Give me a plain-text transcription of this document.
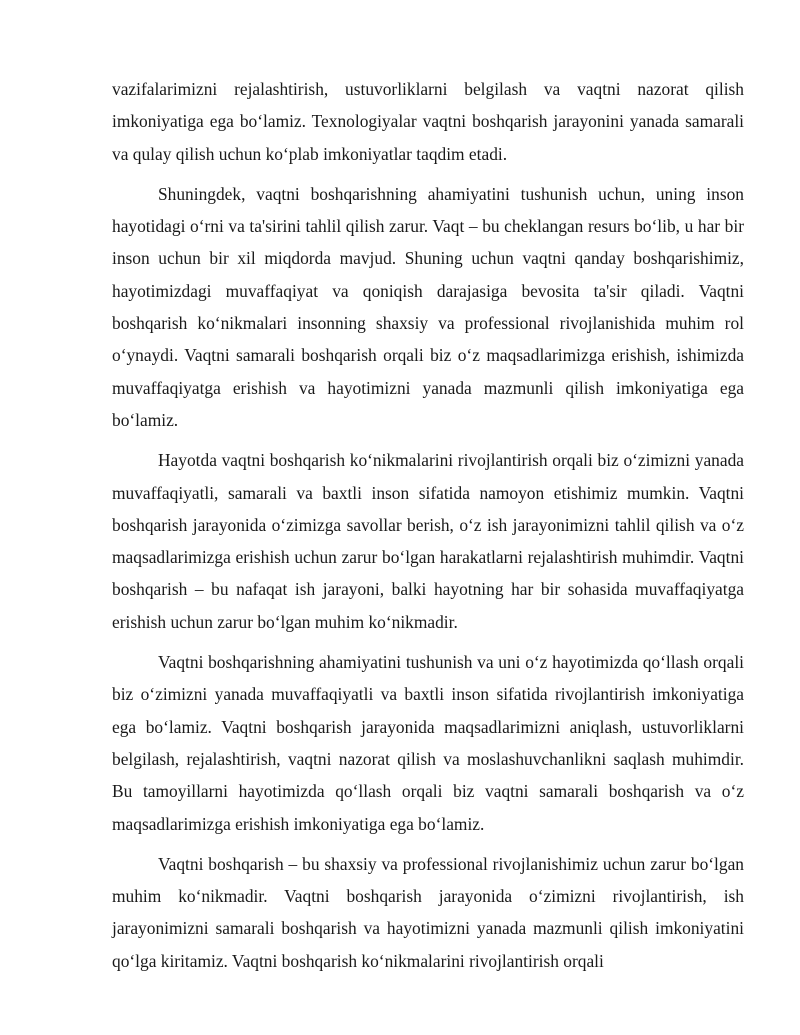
vazifalarimizni rejalashtirish, ustuvorliklarni belgilash va vaqtni nazorat qilish imkoniyatiga ega bo‘lamiz. Texnologiyalar vaqtni boshqarish jarayonini yanada samarali va qulay qilish uchun ko‘plab imkoniyatlar taqdim etadi.

Shuningdek, vaqtni boshqarishning ahamiyatini tushunish uchun, uning inson hayotidagi o‘rni va ta'sirini tahlil qilish zarur. Vaqt – bu cheklangan resurs bo‘lib, u har bir inson uchun bir xil miqdorda mavjud. Shuning uchun vaqtni qanday boshqarishimiz, hayotimizdagi muvaffaqiyat va qoniqish darajasiga bevosita ta'sir qiladi. Vaqtni boshqarish ko‘nikmalari insonning shaxsiy va professional rivojlanishida muhim rol o‘ynaydi. Vaqtni samarali boshqarish orqali biz o‘z maqsadlarimizga erishish, ishimizda muvaffaqiyatga erishish va hayotimizni yanada mazmunli qilish imkoniyatiga ega bo‘lamiz.

Hayotda vaqtni boshqarish ko‘nikmalarini rivojlantirish orqali biz o‘zimizni yanada muvaffaqiyatli, samarali va baxtli inson sifatida namoyon etishimiz mumkin. Vaqtni boshqarish jarayonida o‘zimizga savollar berish, o‘z ish jarayonimizni tahlil qilish va o‘z maqsadlarimizga erishish uchun zarur bo‘lgan harakatlarni rejalashtirish muhimdir. Vaqtni boshqarish – bu nafaqat ish jarayoni, balki hayotning har bir sohasida muvaffaqiyatga erishish uchun zarur bo‘lgan muhim ko‘nikmadir.

Vaqtni boshqarishning ahamiyatini tushunish va uni o‘z hayotimizda qo‘llash orqali biz o‘zimizni yanada muvaffaqiyatli va baxtli inson sifatida rivojlantirish imkoniyatiga ega bo‘lamiz. Vaqtni boshqarish jarayonida maqsadlarimizni aniqlash, ustuvorliklarni belgilash, rejalashtirish, vaqtni nazorat qilish va moslashuvchanlikni saqlash muhimdir. Bu tamoyillarni hayotimizda qo‘llash orqali biz vaqtni samarali boshqarish va o‘z maqsadlarimizga erishish imkoniyatiga ega bo‘lamiz.

Vaqtni boshqarish – bu shaxsiy va professional rivojlanishimiz uchun zarur bo‘lgan muhim ko‘nikmadir. Vaqtni boshqarish jarayonida o‘zimizni rivojlantirish, ish jarayonimizni samarali boshqarish va hayotimizni yanada mazmunli qilish imkoniyatini qo‘lga kiritamiz. Vaqtni boshqarish ko‘nikmalarini rivojlantirish orqali
